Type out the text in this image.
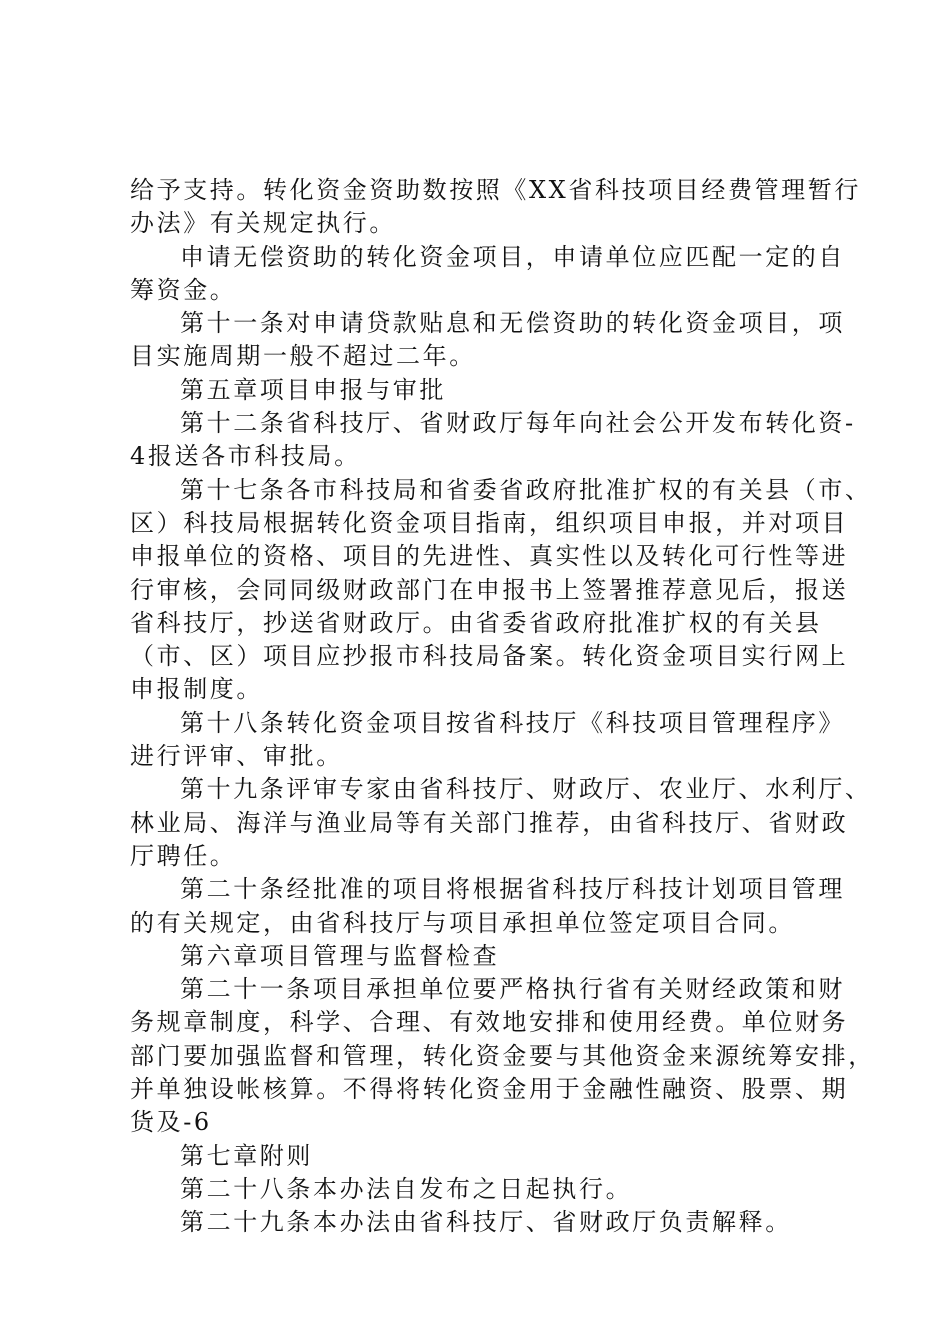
给予支持。转化资金资助数按照《XX省科技项目经费管理暂行
办法》有关规定执行。
申请无偿资助的转化资金项目，申请单位应匹配一定的自
筹资金。
第十一条对申请贷款贴息和无偿资助的转化资金项目，项
目实施周期一般不超过二年。
第五章项目申报与审批
第十二条省科技厅、省财政厅每年向社会公开发布转化资-
4报送各市科技局。
第十七条各市科技局和省委省政府批准扩权的有关县（市、
区）科技局根据转化资金项目指南，组织项目申报，并对项目
申报单位的资格、项目的先进性、真实性以及转化可行性等进
行审核，会同同级财政部门在申报书上签署推荐意见后，报送
省科技厅，抄送省财政厅。由省委省政府批准扩权的有关县
（市、区）项目应抄报市科技局备案。转化资金项目实行网上
申报制度。
第十八条转化资金项目按省科技厅《科技项目管理程序》
进行评审、审批。
第十九条评审专家由省科技厅、财政厅、农业厅、水利厅、
林业局、海洋与渔业局等有关部门推荐，由省科技厅、省财政
厅聘任。
第二十条经批准的项目将根据省科技厅科技计划项目管理
的有关规定，由省科技厅与项目承担单位签定项目合同。
第六章项目管理与监督检查
第二十一条项目承担单位要严格执行省有关财经政策和财
务规章制度，科学、合理、有效地安排和使用经费。单位财务
部门要加强监督和管理，转化资金要与其他资金来源统筹安排，
并单独设帐核算。不得将转化资金用于金融性融资、股票、期
货及-6
第七章附则
第二十八条本办法自发布之日起执行。
第二十九条本办法由省科技厅、省财政厅负责解释。
